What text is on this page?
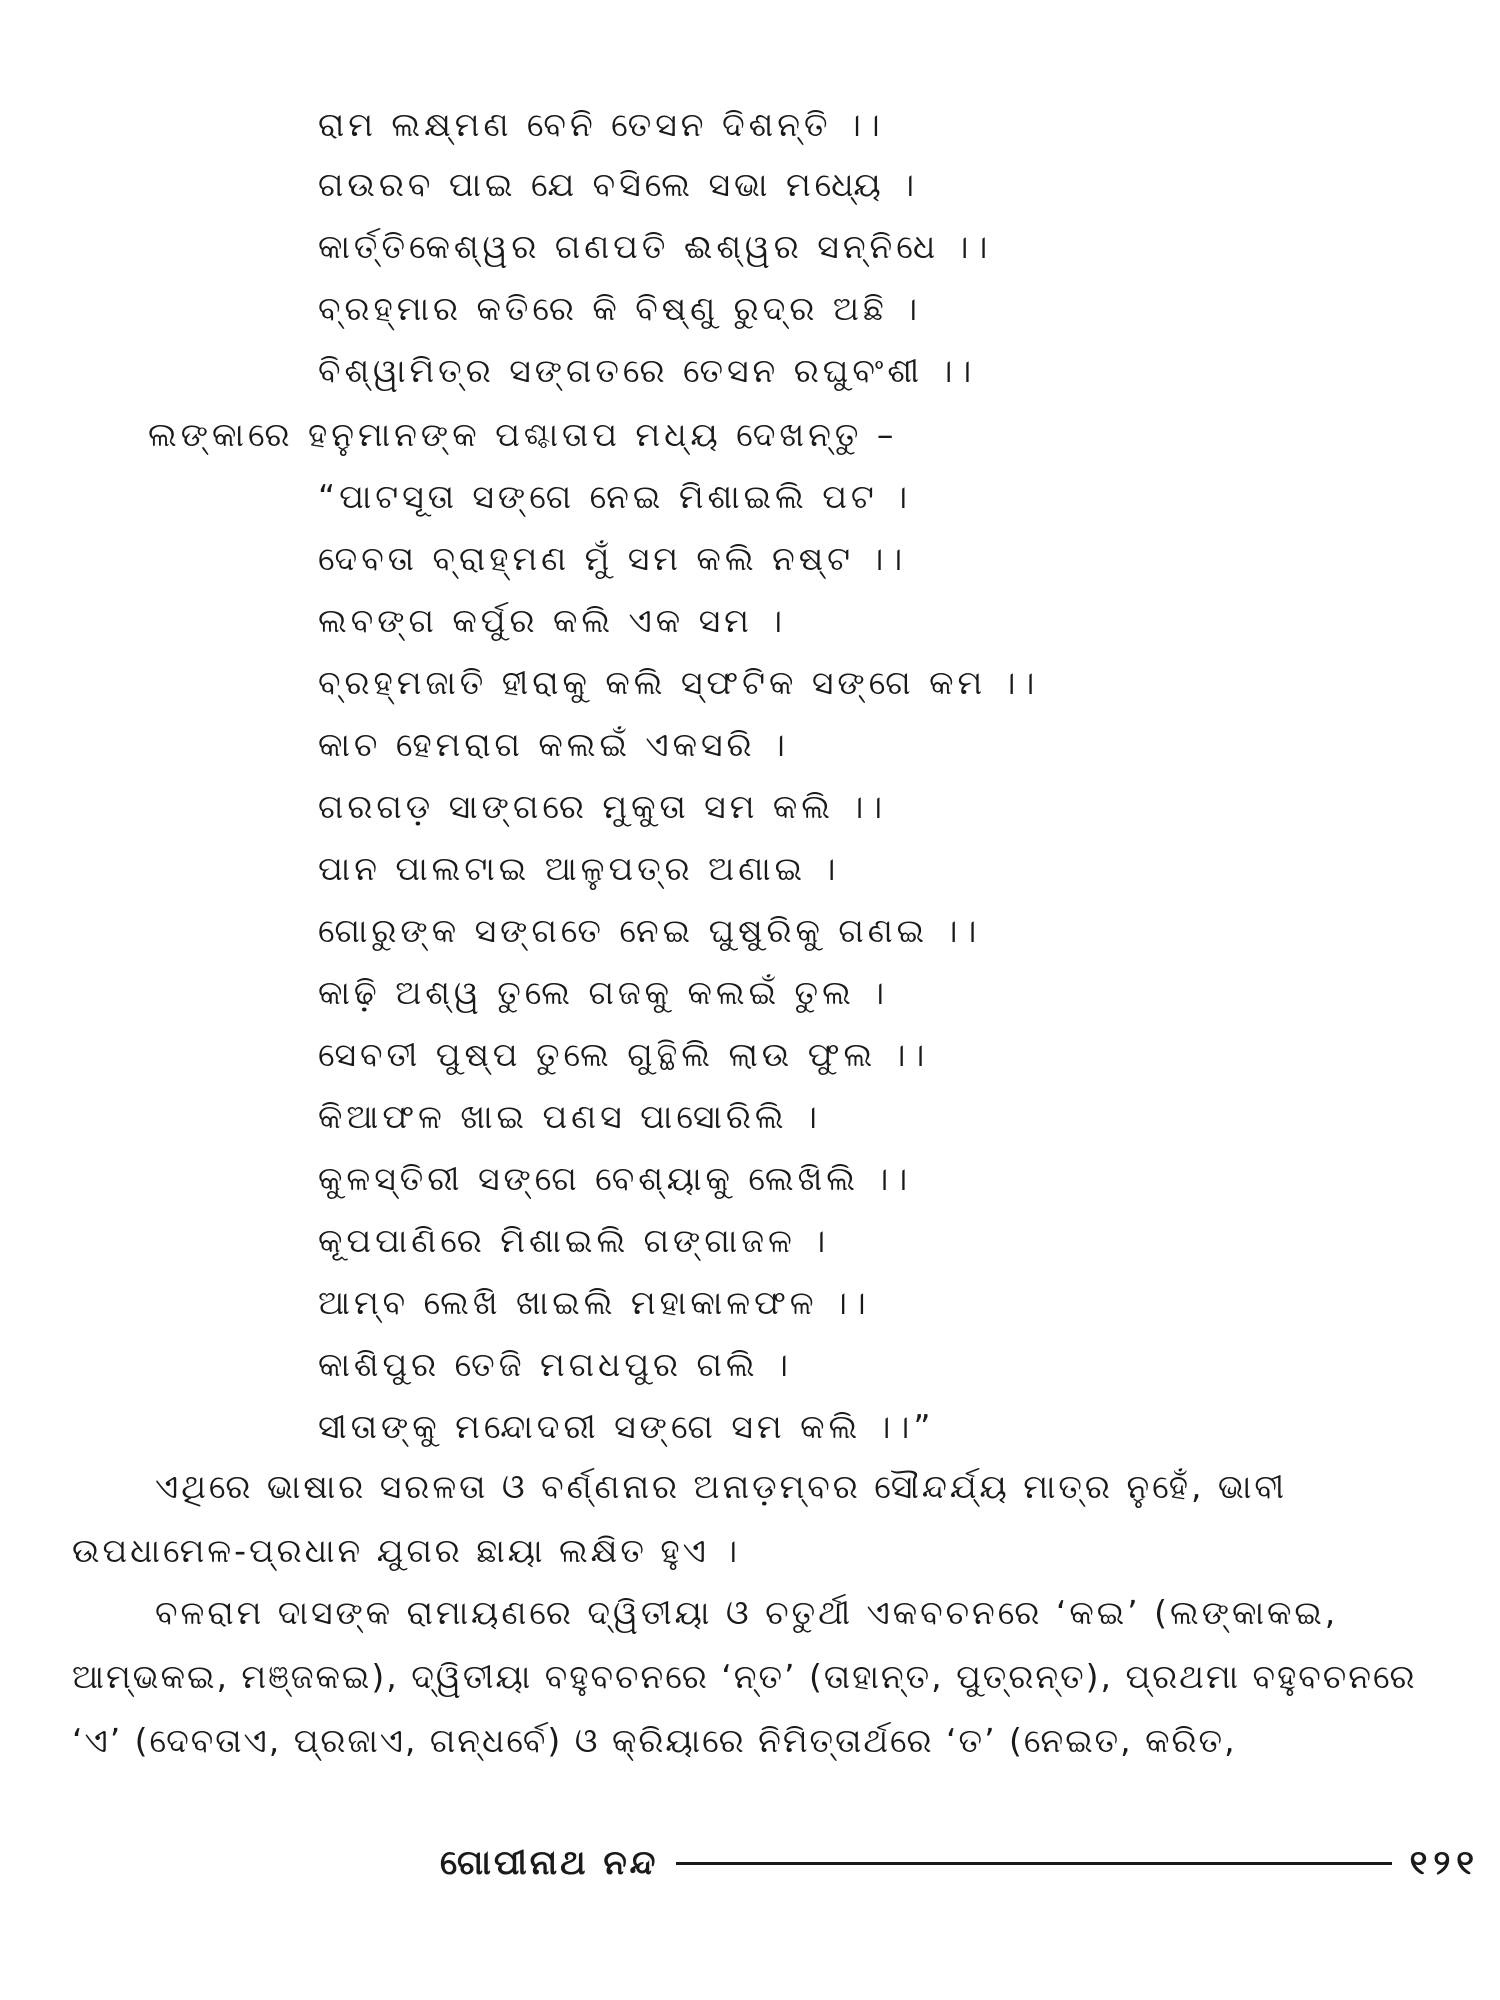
ରାମ ଲକ୍ଷ୍ମଣ ବେନି ତେସନ ଦିଶନ୍ତି ।।
ଗଉରବ ପାଇ ଯେ ବସିଲେ ସଭା ମଧ୍ୟେ ।
କାର୍ତ୍ତିକେଶ୍ୱର ଗଣପତି ଈଶ୍ୱର ସନ୍ନିଧେ ।।
ବ୍ରହ୍ମାର କତିରେ କି ବିଷ୍ଣୁ ରୁଦ୍ର ଅଛି ।
ବିଶ୍ୱାମିତ୍ର ସଙ୍ଗତରେ ତେସନ ରଘୁବଂଶୀ ।।
ଲଙ୍କାରେ ହନୁମାନଙ୍କ ପଶ୍ଚାତାପ ମଧ୍ୟ ଦେଖନ୍ତୁ –
“ପାଟସୂତା ସଙ୍ଗେ ନେଇ ମିଶାଇଲି ପଟ ।
ଦେବତା ବ୍ରାହ୍ମଣ ମୁଁ ସମ କଲି ନଷ୍ଟ ।।
ଲବଙ୍ଗ କର୍ପୁର କଲି ଏକ ସମ ।
ବ୍ରହ୍ମଜାତି ହୀରାକୁ କଲି ସ୍ଫଟିକ ସଙ୍ଗେ କମ ।।
କାଚ ହେମରାଗ କଲଇଁ ଏକସରି ।
ଗରଗଡ଼ ସାଙ୍ଗରେ ମୁକୁତା ସମ କଲି ।।
ପାନ ପାଲଟାଇ ଆଳୁପତ୍ର ଅଣାଇ ।
ଗୋରୁଙ୍କ ସଙ୍ଗତେ ନେଇ ଘୁଷୁରିକୁ ଗଣଇ ।।
କାଢ଼ି ଅଶ୍ୱ ତୁଲେ ଗଜକୁ କଲଇଁ ତୁଲ ।
ସେବତୀ ପୁଷ୍ପ ତୁଲେ ଗୁନ୍ଥିଲି ଲାଉ ଫୁଲ ।।
କିଆଫଳ ଖାଇ ପଣସ ପାସୋରିଲି ।
କୁଳସ୍ତିରୀ ସଙ୍ଗେ ବେଶ୍ୟାକୁ ଲେଖିଲି ।।
କୂପପାଣିରେ ମିଶାଇଲି ଗଙ୍ଗାଜଳ ।
ଆମ୍ବ ଲେଖି ଖାଇଲି ମହାକାଳଫଳ ।।
କାଶିପୁର ତେଜି ମଗଧପୁର ଗଲି ।
ସୀତାଙ୍କୁ ମନ୍ଦୋଦରୀ ସଙ୍ଗେ ସମ କଲି ।।”
ଏଥିରେ ଭାଷାର ସରଳତା ଓ ବର୍ଣ୍ଣନାର ଅନାଡ଼ମ୍ବର ସୌନ୍ଦର୍ଯ୍ୟ ମାତ୍ର ନୁହେଁ, ଭାବୀ
ଉପଧାମେଳ-ପ୍ରଧାନ ଯୁଗର ଛାୟା ଲକ୍ଷିତ ହୁଏ ।
ବଳରାମ ଦାସଙ୍କ ରାମାୟଣରେ ଦ୍ୱିତୀୟା ଓ ଚତୁର୍ଥୀ ଏକବଚନରେ ‘କଇ’ (ଲଙ୍କାକଇ,
ଆମ୍ଭକଇ, ମଞ୍ଜକଇ), ଦ୍ୱିତୀୟା ବହୁବଚନରେ ‘ନ୍ତ’ (ତାହାନ୍ତ, ପୁତ୍ରନ୍ତ), ପ୍ରଥମା ବହୁବଚନରେ
‘ଏ’ (ଦେବତାଏ, ପ୍ରଜାଏ, ଗନ୍ଧର୍ବେ) ଓ କ୍ରିୟାରେ ନିମିତ୍ତାର୍ଥରେ ‘ତ’ (ନେଇତ, କରିତ,
ଗୋପୀନାଥ ନନ୍ଦ	୧୨୧
